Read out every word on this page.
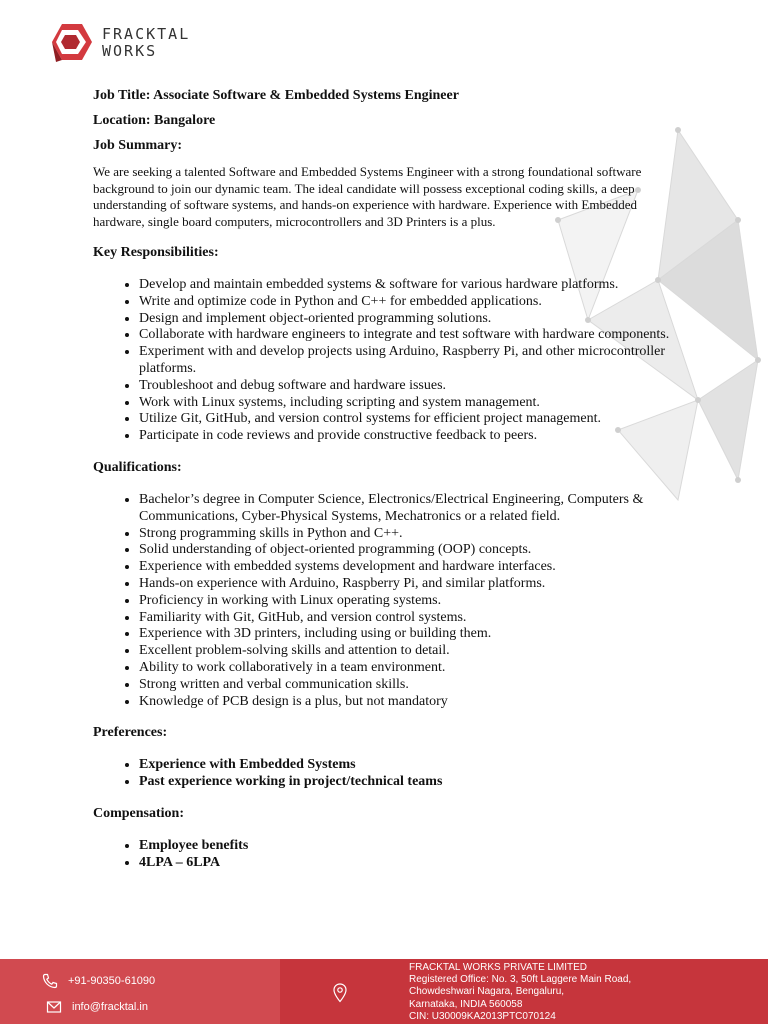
FRACKTAL
WORKS

Job Title: Associate Software & Embedded Systems Engineer

Location: Bangalore

Job Summary:

We are seeking a talented Software and Embedded Systems Engineer with a strong foundational software background to join our dynamic team. The ideal candidate will possess exceptional coding skills, a deep understanding of software systems, and hands-on experience with hardware. Experience with Embedded hardware, single board computers, microcontrollers and 3D Printers is a plus.

Key Responsibilities:

• Develop and maintain embedded systems & software for various hardware platforms.
• Write and optimize code in Python and C++ for embedded applications.
• Design and implement object-oriented programming solutions.
• Collaborate with hardware engineers to integrate and test software with hardware components.
• Experiment with and develop projects using Arduino, Raspberry Pi, and other microcontroller platforms.
• Troubleshoot and debug software and hardware issues.
• Work with Linux systems, including scripting and system management.
• Utilize Git, GitHub, and version control systems for efficient project management.
• Participate in code reviews and provide constructive feedback to peers.

Qualifications:

• Bachelor’s degree in Computer Science, Electronics/Electrical Engineering, Computers & Communications, Cyber-Physical Systems, Mechatronics or a related field.
• Strong programming skills in Python and C++.
• Solid understanding of object-oriented programming (OOP) concepts.
• Experience with embedded systems development and hardware interfaces.
• Hands-on experience with Arduino, Raspberry Pi, and similar platforms.
• Proficiency in working with Linux operating systems.
• Familiarity with Git, GitHub, and version control systems.
• Experience with 3D printers, including using or building them.
• Excellent problem-solving skills and attention to detail.
• Ability to work collaboratively in a team environment.
• Strong written and verbal communication skills.
• Knowledge of PCB design is a plus, but not mandatory

Preferences:

• Experience with Embedded Systems
• Past experience working in project/technical teams

Compensation:

• Employee benefits
• 4LPA – 6LPA
+91-90350-61090
info@fracktal.in
FRACKTAL WORKS PRIVATE LIMITED
Registered Office: No. 3, 50ft Laggere Main Road,
Chowdeshwari Nagara, Bengaluru,
Karnataka, INDIA 560058
CIN: U30009KA2013PTC070124
